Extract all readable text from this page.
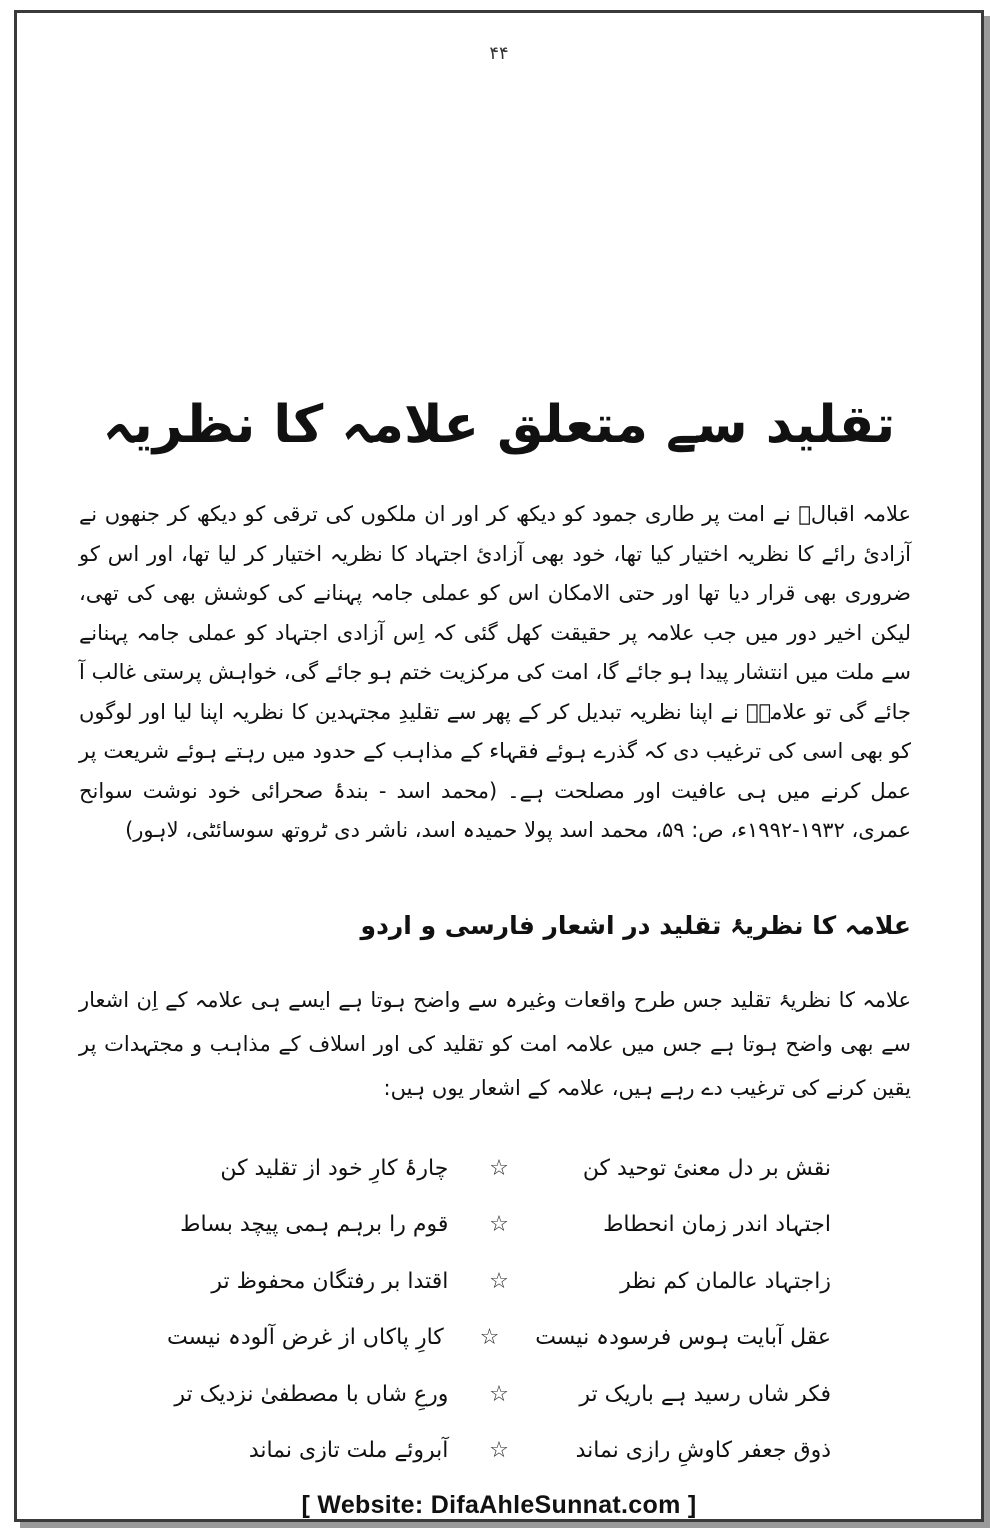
۴۴
تقلید سے متعلق علامہ کا نظریہ

علامہ اقبالؒ نے امت پر طاری جمود کو دیکھ کر اور ان ملکوں کی ترقی کو دیکھ کر جنھوں نے آزادئ رائے کا نظریہ اختیار کیا تھا، خود بھی آزادئ اجتہاد کا نظریہ اختیار کر لیا تھا، اور اس کو ضروری بھی قرار دیا تھا اور حتی الامکان اس کو عملی جامہ پہنانے کی کوشش بھی کی تھی، لیکن اخیر دور میں جب علامہ پر حقیقت کھل گئی کہ اِس آزادی اجتہاد کو عملی جامہ پہنانے سے ملت میں انتشار پیدا ہو جائے گا، امت کی مرکزیت ختم ہو جائے گی، خواہش پرستی غالب آ جائے گی تو علامہؒ نے اپنا نظریہ تبدیل کر کے پھر سے تقلیدِ مجتہدین کا نظریہ اپنا لیا اور لوگوں کو بھی اسی کی ترغیب دی کہ گذرے ہوئے فقہاء کے مذاہب کے حدود میں رہتے ہوئے شریعت پر عمل کرنے میں ہی عافیت اور مصلحت ہے۔ (محمد اسد - بندۂ صحرائی خود نوشت سوانح عمری، ۱۹۳۲-۱۹۹۲ء، ص: ۵۹، محمد اسد پولا حمیدہ اسد، ناشر دی ٹروتھ سوسائٹی، لاہور)

علامہ کا نظریۂ تقلید در اشعار فارسی و اردو

علامہ کا نظریۂ تقلید جس طرح واقعات وغیرہ سے واضح ہوتا ہے ایسے ہی علامہ کے اِن اشعار سے بھی واضح ہوتا ہے جس میں علامہ امت کو تقلید کی اور اسلاف کے مذاہب و مجتہدات پر یقین کرنے کی ترغیب دے رہے ہیں، علامہ کے اشعار یوں ہیں:

نقش بر دل معنیٔ توحید کن
☆
چارۂ کارِ خود از تقلید کن
اجتہاد اندر زمان انحطاط
☆
قوم را برہم ہمی پیچد بساط
زاجتہاد عالمان کم نظر
☆
اقتدا بر رفتگان محفوظ تر
عقل آبایت ہوس فرسودہ نیست
☆
کارِ پاکاں از غرض آلودہ نیست
فکر شاں رسید ہے باریک تر
☆
ورعِ شاں با مصطفیٰ نزدیک تر
ذوق جعفر کاوشِ رازی نماند
☆
آبروئے ملت تازی نماند
[ Website: DifaAhleSunnat.com ]
